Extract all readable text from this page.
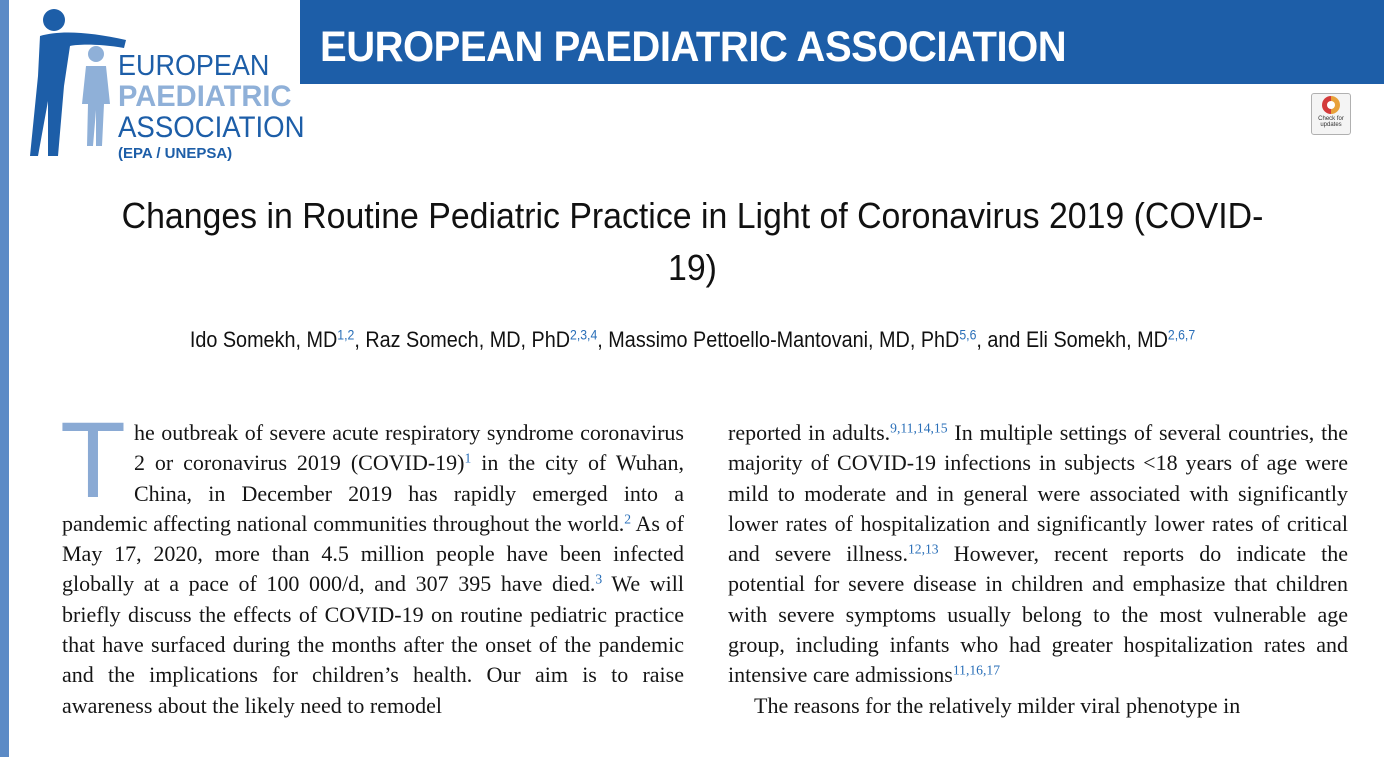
EUROPEAN PAEDIATRIC ASSOCIATION
EUROPEAN
PAEDIATRIC
ASSOCIATION
(EPA / UNEPSA)
Check for updates
Changes in Routine Pediatric Practice in Light of Coronavirus 2019 (COVID-19)
Ido Somekh, MD$^{1,2}$, Raz Somech, MD, PhD$^{2,3,4}$, Massimo Pettoello-Mantovani, MD, PhD$^{5,6}$, and Eli Somekh, MD$^{2,6,7}$

The outbreak of severe acute respiratory syndrome coronavirus 2 or coronavirus 2019 (COVID-19)$^1$ in the city of Wuhan, China, in December 2019 has rapidly emerged into a pandemic affecting national communities throughout the world.$^2$ As of May 17, 2020, more than 4.5 million people have been infected globally at a pace of 100 000/d, and 307 395 have died.$^3$ We will briefly discuss the effects of COVID-19 on routine pediatric practice that have surfaced during the months after the onset of the pandemic and the implications for children’s health. Our aim is to raise awareness about the likely need to remodel

reported in adults.$^{9,11,14,15}$ In multiple settings of several countries, the majority of COVID-19 infections in subjects <18 years of age were mild to moderate and in general were associated with significantly lower rates of hospitalization and significantly lower rates of critical and severe illness.$^{12,13}$ However, recent reports do indicate the potential for severe disease in children and emphasize that children with severe symptoms usually belong to the most vulnerable age group, including infants who had greater hospitalization rates and intensive care admissions$^{11,16,17}$

The reasons for the relatively milder viral phenotype in
